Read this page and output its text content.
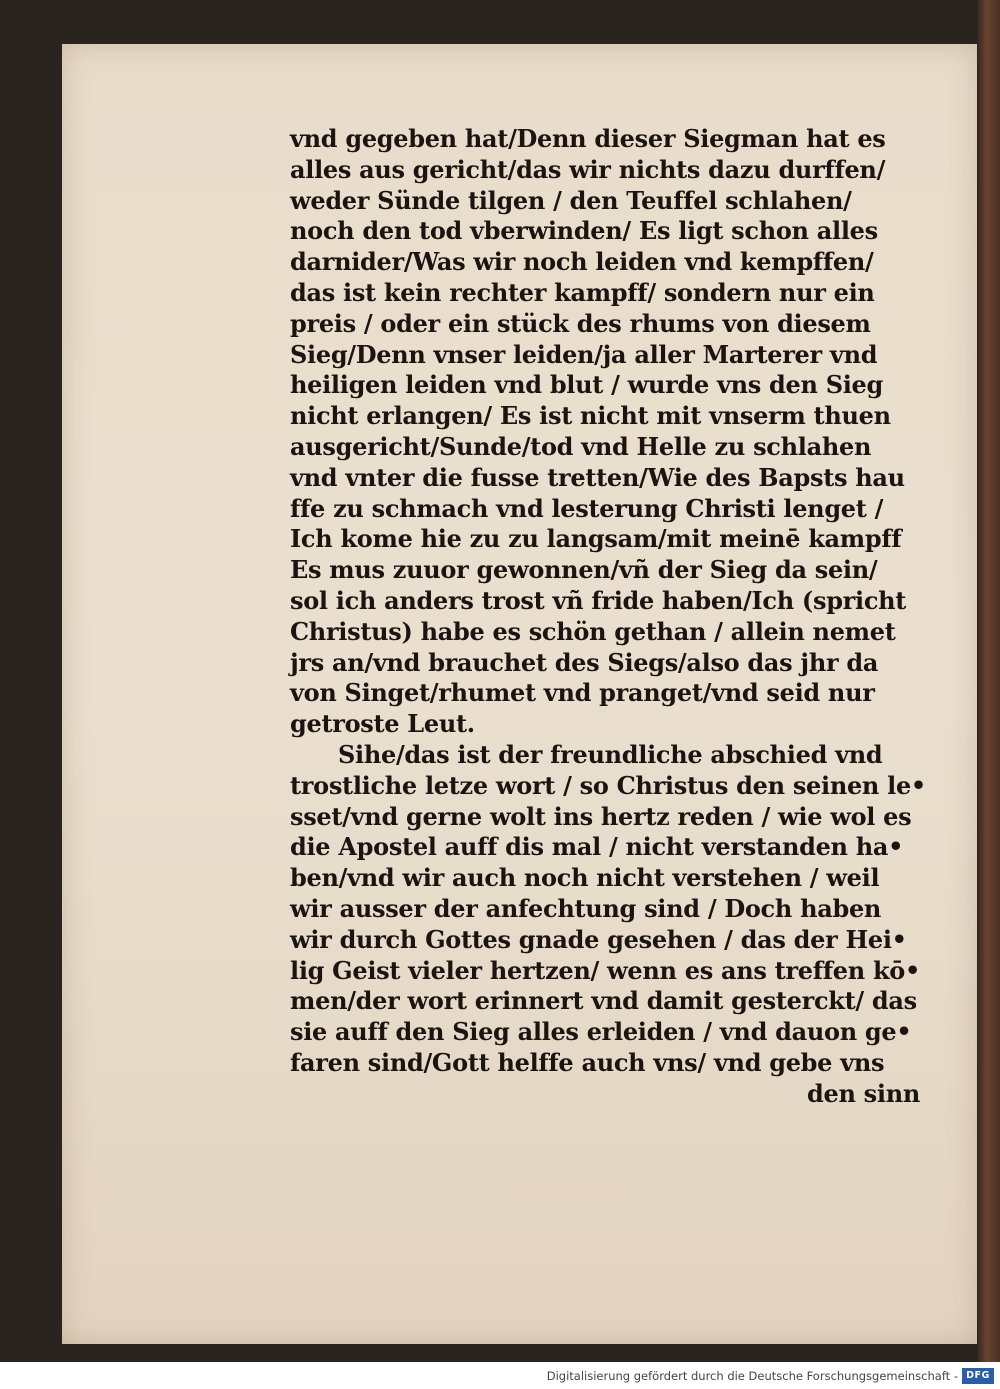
vnd gegeben hat/Denn dieser Siegman hat es
alles aus gericht/das wir nichts dazu durffen/
weder Sünde tilgen / den Teuffel schlahen/
noch den tod vberwinden/ Es ligt schon alles
darnider/Was wir noch leiden vnd kempffen/
das ist kein rechter kampff/ sondern nur ein
preis / oder ein stück des rhums von diesem
Sieg/Denn vnser leiden/ja aller Marterer vnd
heiligen leiden vnd blut / wurde vns den Sieg
nicht erlangen/ Es ist nicht mit vnserm thuen
ausgericht/Sunde/tod vnd Helle zu schlahen
vnd vnter die fusse tretten/Wie des Bapsts hau
ffe zu schmach vnd lesterung Christi lenget /
Ich kome hie zu zu langsam/mit meinē kampff
Es mus zuuor gewonnen/vñ der Sieg da sein/
sol ich anders trost vñ fride haben/Ich (spricht
Christus) habe es schön gethan / allein nemet
jrs an/vnd brauchet des Siegs/also das jhr da
von Singet/rhumet vnd pranget/vnd seid nur
getroste Leut.
Sihe/das ist der freundliche abschied vnd
trostliche letze wort / so Christus den seinen le•
sset/vnd gerne wolt ins hertz reden / wie wol es
die Apostel auff dis mal / nicht verstanden ha•
ben/vnd wir auch noch nicht verstehen / weil
wir ausser der anfechtung sind / Doch haben
wir durch Gottes gnade gesehen / das der Hei•
lig Geist vieler hertzen/ wenn es ans treffen kō•
men/der wort erinnert vnd damit gesterckt/ das
sie auff den Sieg alles erleiden / vnd dauon ge•
faren sind/Gott helffe auch vns/ vnd gebe vns
den sinn
Digitalisierung gefördert durch die Deutsche Forschungsgemeinschaft - DFG
